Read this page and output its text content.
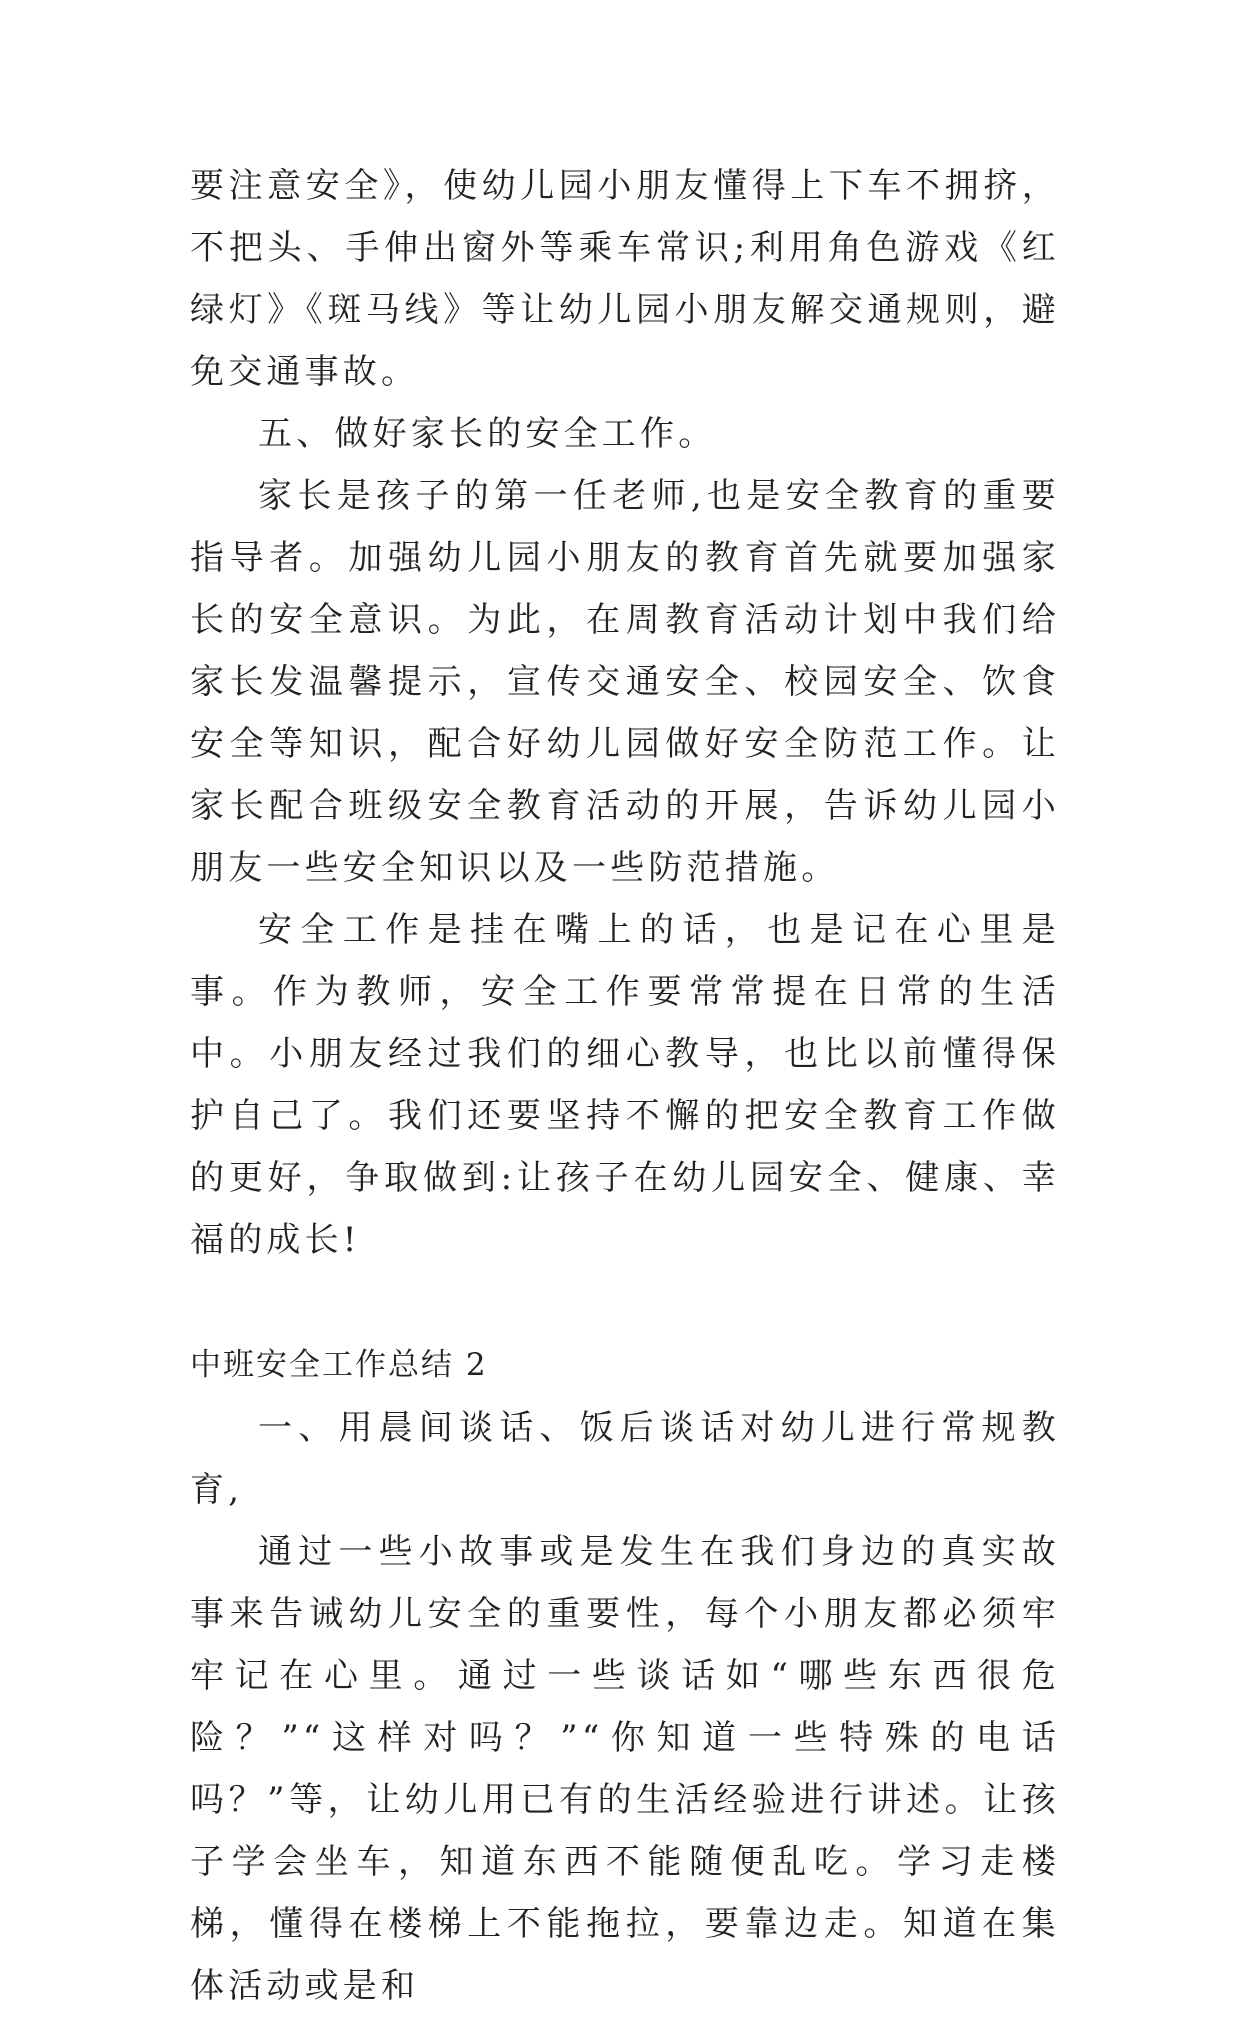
要注意安全》，使幼儿园小朋友懂得上下车不拥挤，不把头、手伸出窗外等乘车常识;利用角色游戏《红绿灯》《斑马线》等让幼儿园小朋友解交通规则，避免交通事故。

五、做好家长的安全工作。

家长是孩子的第一任老师,也是安全教育的重要指导者。加强幼儿园小朋友的教育首先就要加强家长的安全意识。为此，在周教育活动计划中我们给家长发温馨提示，宣传交通安全、校园安全、饮食安全等知识，配合好幼儿园做好安全防范工作。让家长配合班级安全教育活动的开展，告诉幼儿园小朋友一些安全知识以及一些防范措施。

安全工作是挂在嘴上的话，也是记在心里是事。作为教师，安全工作要常常提在日常的生活中。小朋友经过我们的细心教导，也比以前懂得保护自己了。我们还要坚持不懈的把安全教育工作做的更好，争取做到:让孩子在幼儿园安全、健康、幸福的成长!

中班安全工作总结 2

一、用晨间谈话、饭后谈话对幼儿进行常规教育,

通过一些小故事或是发生在我们身边的真实故事来告诫幼儿安全的重要性，每个小朋友都必须牢牢记在心里。通过一些谈话如“哪些东西很危险？”“这样对吗？”“你知道一些特殊的电话吗？”等，让幼儿用已有的生活经验进行讲述。让孩子学会坐车，知道东西不能随便乱吃。学习走楼梯，懂得在楼梯上不能拖拉，要靠边走。知道在集体活动或是和
